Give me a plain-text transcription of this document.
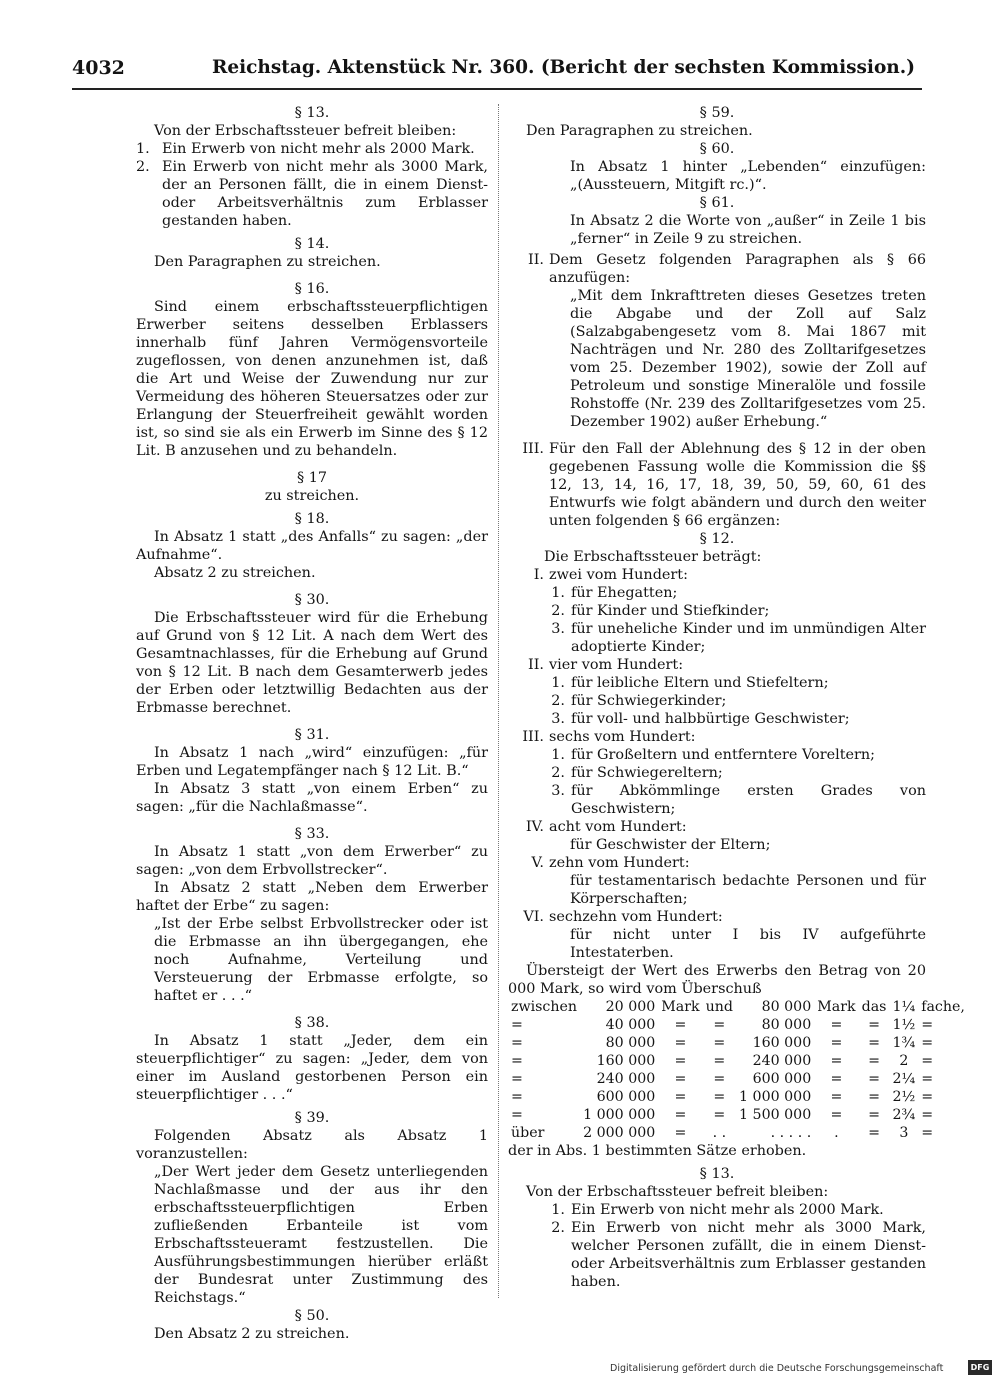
4032	Reichstag. Aktenstück Nr. 360. (Bericht der sechsten Kommission.)
§ 13.

Von der Erbschaftssteuer befreit bleiben:

1. Ein Erwerb von nicht mehr als 2000 Mark.
2. Ein Erwerb von nicht mehr als 3000 Mark, der an Personen fällt, die in einem Dienst- oder Arbeitsverhältnis zum Erblasser gestanden haben.
§ 14.

Den Paragraphen zu streichen.

§ 16.

Sind einem erbschaftssteuerpflichtigen Erwerber seitens desselben Erblassers innerhalb fünf Jahren Vermögensvorteile zugeflossen, von denen anzunehmen ist, daß die Art und Weise der Zuwendung nur zur Vermeidung des höheren Steuersatzes oder zur Erlangung der Steuerfreiheit gewählt worden ist, so sind sie als ein Erwerb im Sinne des § 12 Lit. B anzusehen und zu behandeln.

§ 17
zu streichen.
§ 18.

In Absatz 1 statt „des Anfalls“ zu sagen: „der Aufnahme“.

Absatz 2 zu streichen.

§ 30.

Die Erbschaftssteuer wird für die Erhebung auf Grund von § 12 Lit. A nach dem Wert des Gesamtnachlasses, für die Erhebung auf Grund von § 12 Lit. B nach dem Gesamterwerb jedes der Erben oder letztwillig Bedachten aus der Erbmasse berechnet.

§ 31.

In Absatz 1 nach „wird“ einzufügen: „für Erben und Legatempfänger nach § 12 Lit. B.“

In Absatz 3 statt „von einem Erben“ zu sagen: „für die Nachlaßmasse“.

§ 33.

In Absatz 1 statt „von dem Erwerber“ zu sagen: „von dem Erbvollstrecker“.

In Absatz 2 statt „Neben dem Erwerber haftet der Erbe“ zu sagen:

„Ist der Erbe selbst Erbvollstrecker oder ist die Erbmasse an ihn übergegangen, ehe noch Aufnahme, Verteilung und Versteuerung der Erbmasse erfolgte, so haftet er . . .“

§ 38.

In Absatz 1 statt „Jeder, dem ein steuerpflichtiger“ zu sagen: „Jeder, dem von einer im Ausland gestorbenen Person ein steuerpflichtiger . . .“

§ 39.

Folgenden Absatz als Absatz 1 voranzustellen:

„Der Wert jeder dem Gesetz unterliegenden Nachlaßmasse und der aus ihr den erbschaftssteuerpflichtigen Erben zufließenden Erbanteile ist vom Erbschaftssteueramt festzustellen. Die Ausführungsbestimmungen hierüber erläßt der Bundesrat unter Zustimmung des Reichstags.“

§ 50.

Den Absatz 2 zu streichen.

§ 59.

Den Paragraphen zu streichen.

§ 60.

In Absatz 1 hinter „Lebenden“ einzufügen: „(Aussteuern, Mitgift rc.)“.

§ 61.

In Absatz 2 die Worte von „außer“ in Zeile 1 bis „ferner“ in Zeile 9 zu streichen.

II. Dem Gesetz folgenden Paragraphen als § 66 anzufügen:

„Mit dem Inkrafttreten dieses Gesetzes treten die Abgabe und der Zoll auf Salz (Salzabgabengesetz vom 8. Mai 1867 mit Nachträgen und Nr. 280 des Zolltarifgesetzes vom 25. Dezember 1902), sowie der Zoll auf Petroleum und sonstige Mineralöle und fossile Rohstoffe (Nr. 239 des Zolltarifgesetzes vom 25. Dezember 1902) außer Erhebung.“

III. Für den Fall der Ablehnung des § 12 in der oben gegebenen Fassung wolle die Kommission die §§ 12, 13, 14, 16, 17, 18, 39, 50, 59, 60, 61 des Entwurfs wie folgt abändern und durch den weiter unten folgenden § 66 ergänzen:
§ 12.

Die Erbschaftssteuer beträgt:

I. zwei vom Hundert:
1. für Ehegatten;
2. für Kinder und Stiefkinder;
3. für uneheliche Kinder und im unmündigen Alter adoptierte Kinder;
II. vier vom Hundert:
1. für leibliche Eltern und Stiefeltern;
2. für Schwiegerkinder;
3. für voll- und halbbürtige Geschwister;
III. sechs vom Hundert:
1. für Großeltern und entferntere Voreltern;
2. für Schwiegereltern;
3. für Abkömmlinge ersten Grades von Geschwistern;
IV. acht vom Hundert:

für Geschwister der Eltern;

V. zehn vom Hundert:

für testamentarisch bedachte Personen und für Körperschaften;

VI. sechzehn vom Hundert:

für nicht unter I bis IV aufgeführte Intestaterben.

Übersteigt der Wert des Erwerbs den Betrag von 20 000 Mark, so wird vom Überschuß

zwischen	20 000	Mark	und	80 000	Mark	das	1¼	fache,
=	40 000	=	=	80 000	=	=	1½	=
=	80 000	=	=	160 000	=	=	1¾	=
=	160 000	=	=	240 000	=	=	2	=
=	240 000	=	=	600 000	=	=	2¼	=
=	600 000	=	=	1 000 000	=	=	2½	=
=	1 000 000	=	=	1 500 000	=	=	2¾	=
über	2 000 000	=	. .	. . . . .	.	=	3	=

der in Abs. 1 bestimmten Sätze erhoben.

§ 13.

Von der Erbschaftssteuer befreit bleiben:

1. Ein Erwerb von nicht mehr als 2000 Mark.
2. Ein Erwerb von nicht mehr als 3000 Mark, welcher Personen zufällt, die in einem Dienst- oder Arbeitsverhältnis zum Erblasser gestanden haben.
Digitalisierung gefördert durch die Deutsche Forschungsgemeinschaft	DFG
